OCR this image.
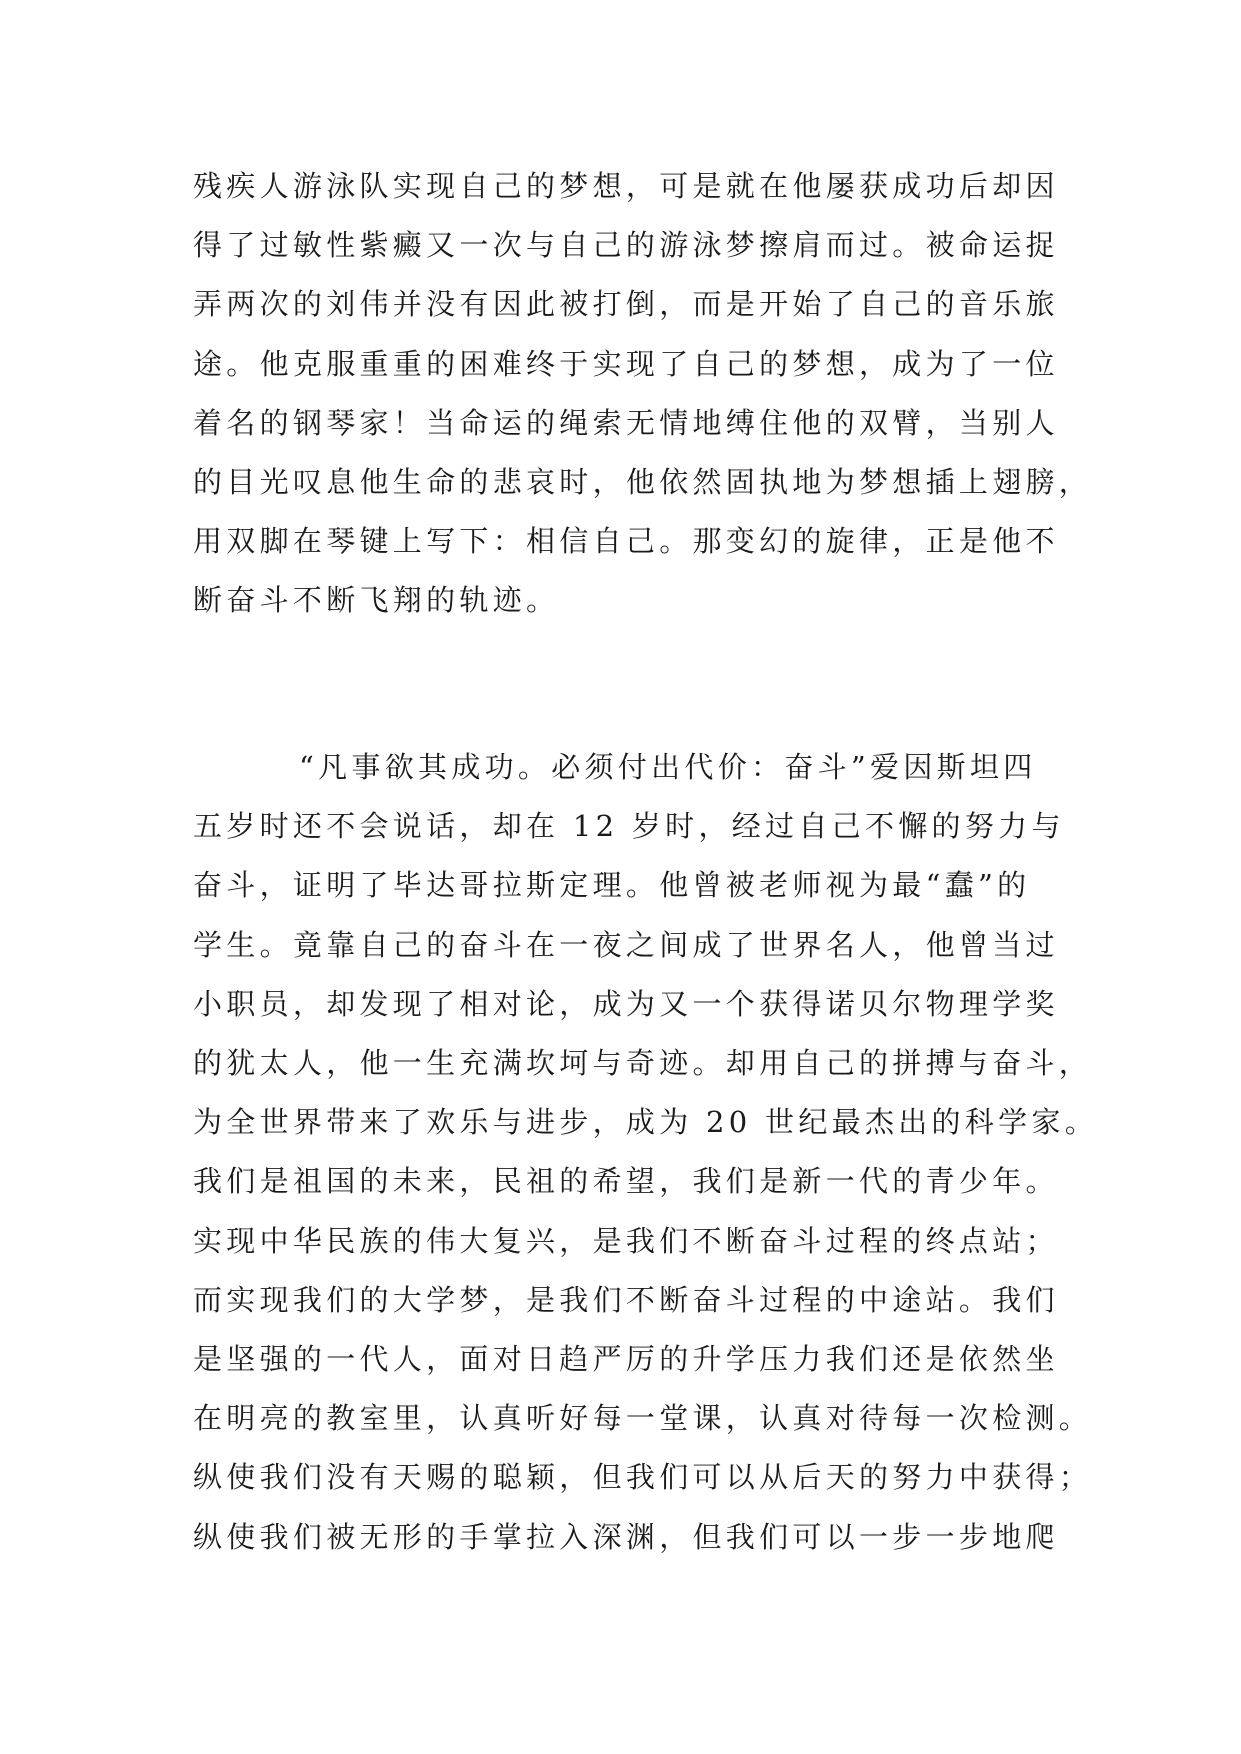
残疾人游泳队实现自己的梦想，可是就在他屡获成功后却因
得了过敏性紫癜又一次与自己的游泳梦擦肩而过。被命运捉
弄两次的刘伟并没有因此被打倒，而是开始了自己的音乐旅
途。他克服重重的困难终于实现了自己的梦想，成为了一位
着名的钢琴家！当命运的绳索无情地缚住他的双臂，当别人
的目光叹息他生命的悲哀时，他依然固执地为梦想插上翅膀，
用双脚在琴键上写下：相信自己。那变幻的旋律，正是他不
断奋斗不断飞翔的轨迹。
“凡事欲其成功。必须付出代价：奋斗”爱因斯坦四
五岁时还不会说话，却在 12 岁时，经过自己不懈的努力与
奋斗，证明了毕达哥拉斯定理。他曾被老师视为最“蠢”的
学生。竟靠自己的奋斗在一夜之间成了世界名人，他曾当过
小职员，却发现了相对论，成为又一个获得诺贝尔物理学奖
的犹太人，他一生充满坎坷与奇迹。却用自己的拼搏与奋斗，
为全世界带来了欢乐与进步，成为 20 世纪最杰出的科学家。
我们是祖国的未来，民祖的希望，我们是新一代的青少年。
实现中华民族的伟大复兴，是我们不断奋斗过程的终点站；
而实现我们的大学梦，是我们不断奋斗过程的中途站。我们
是坚强的一代人，面对日趋严厉的升学压力我们还是依然坐
在明亮的教室里，认真听好每一堂课，认真对待每一次检测。
纵使我们没有天赐的聪颖，但我们可以从后天的努力中获得；
纵使我们被无形的手掌拉入深渊，但我们可以一步一步地爬
